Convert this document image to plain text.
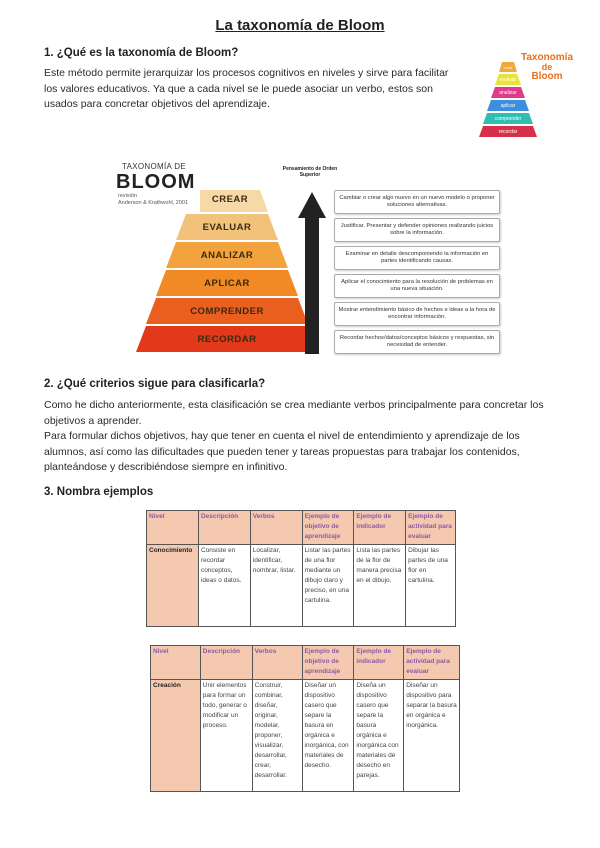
La taxonomía de Bloom
1. ¿Qué es la taxonomía de Bloom?
Este método permite jerarquizar los procesos cognitivos en niveles y sirve para facilitar
los valores educativos. Ya que a cada nivel se le puede asociar un verbo, estos son
usados para concretar objetivos del aprendizaje.
crear
evaluar
analizar
aplicar
comprender
recordar
Taxonomía
de
Bloom
TAXONOMÍA DE
BLOOM
revisión
Anderson & Krathwohl, 2001	CREAR
EVALUAR
ANALIZAR
APLICAR
COMPRENDER
RECORDAR
Pensamiento de Orden Superior
Cambiar o crear algo nuevo en un nuevo modelo o proponer soluciones alternativas.
Justificar. Presentar y defender opiniones realizando juicios sobre la información.
Examinar en detalle descomponiendo la información en partes identificando causas.
Aplicar el conocimiento para la resolución de problemas en una nueva situación.
Mostrar entendimiento básico de hechos e ideas a la hora de encontrar información.
Recordar hechos/datos/conceptos básicos y respuestas, sin necesidad de entender.
2. ¿Qué criterios sigue para clasificarla?
Como he dicho anteriormente, esta clasificación se crea mediante verbos principalmente para concretar los
objetivos a aprender.
Para formular dichos objetivos, hay que tener en cuenta el nivel de entendimiento y aprendizaje de los
alumnos, así como las dificultades que pueden tener y tareas propuestas para trabajar los contenidos,
planteándose y describiéndose siempre en infinitivo.
3. Nombra ejemplos
Nivel	Descripción	Verbos	Ejemplo de objetivo de aprendizaje	Ejemplo de indicador	Ejemplo de actividad para evaluar
Conocimiento	Consiste en recordar conceptos, ideas o datos.	Localizar, identificar, nombrar, listar.	Listar las partes de una flor mediante un dibujo claro y preciso, en una cartulina.	Lista las partes de la flor de manera precisa en el dibujo.	Dibujar las partes de una flor en cartulina.
Nivel	Descripción	Verbos	Ejemplo de objetivo de aprendizaje	Ejemplo de indicador	Ejemplo de actividad para evaluar
Creación	Unir elementos para formar un todo, generar o modificar un proceso.	Construir, combinar, diseñar, originar, modelar, proponer, visualizar, desarrollar, crear, desarrollar.	Diseñar un dispositivo casero que separe la basura en orgánica e inorgánica, con materiales de desecho.	Diseña un dispositivo casero que separe la basura orgánica e inorgánica con materiales de desecho en parejas.	Diseñar un dispositivo para separar la basura en orgánica e inorgánica.
